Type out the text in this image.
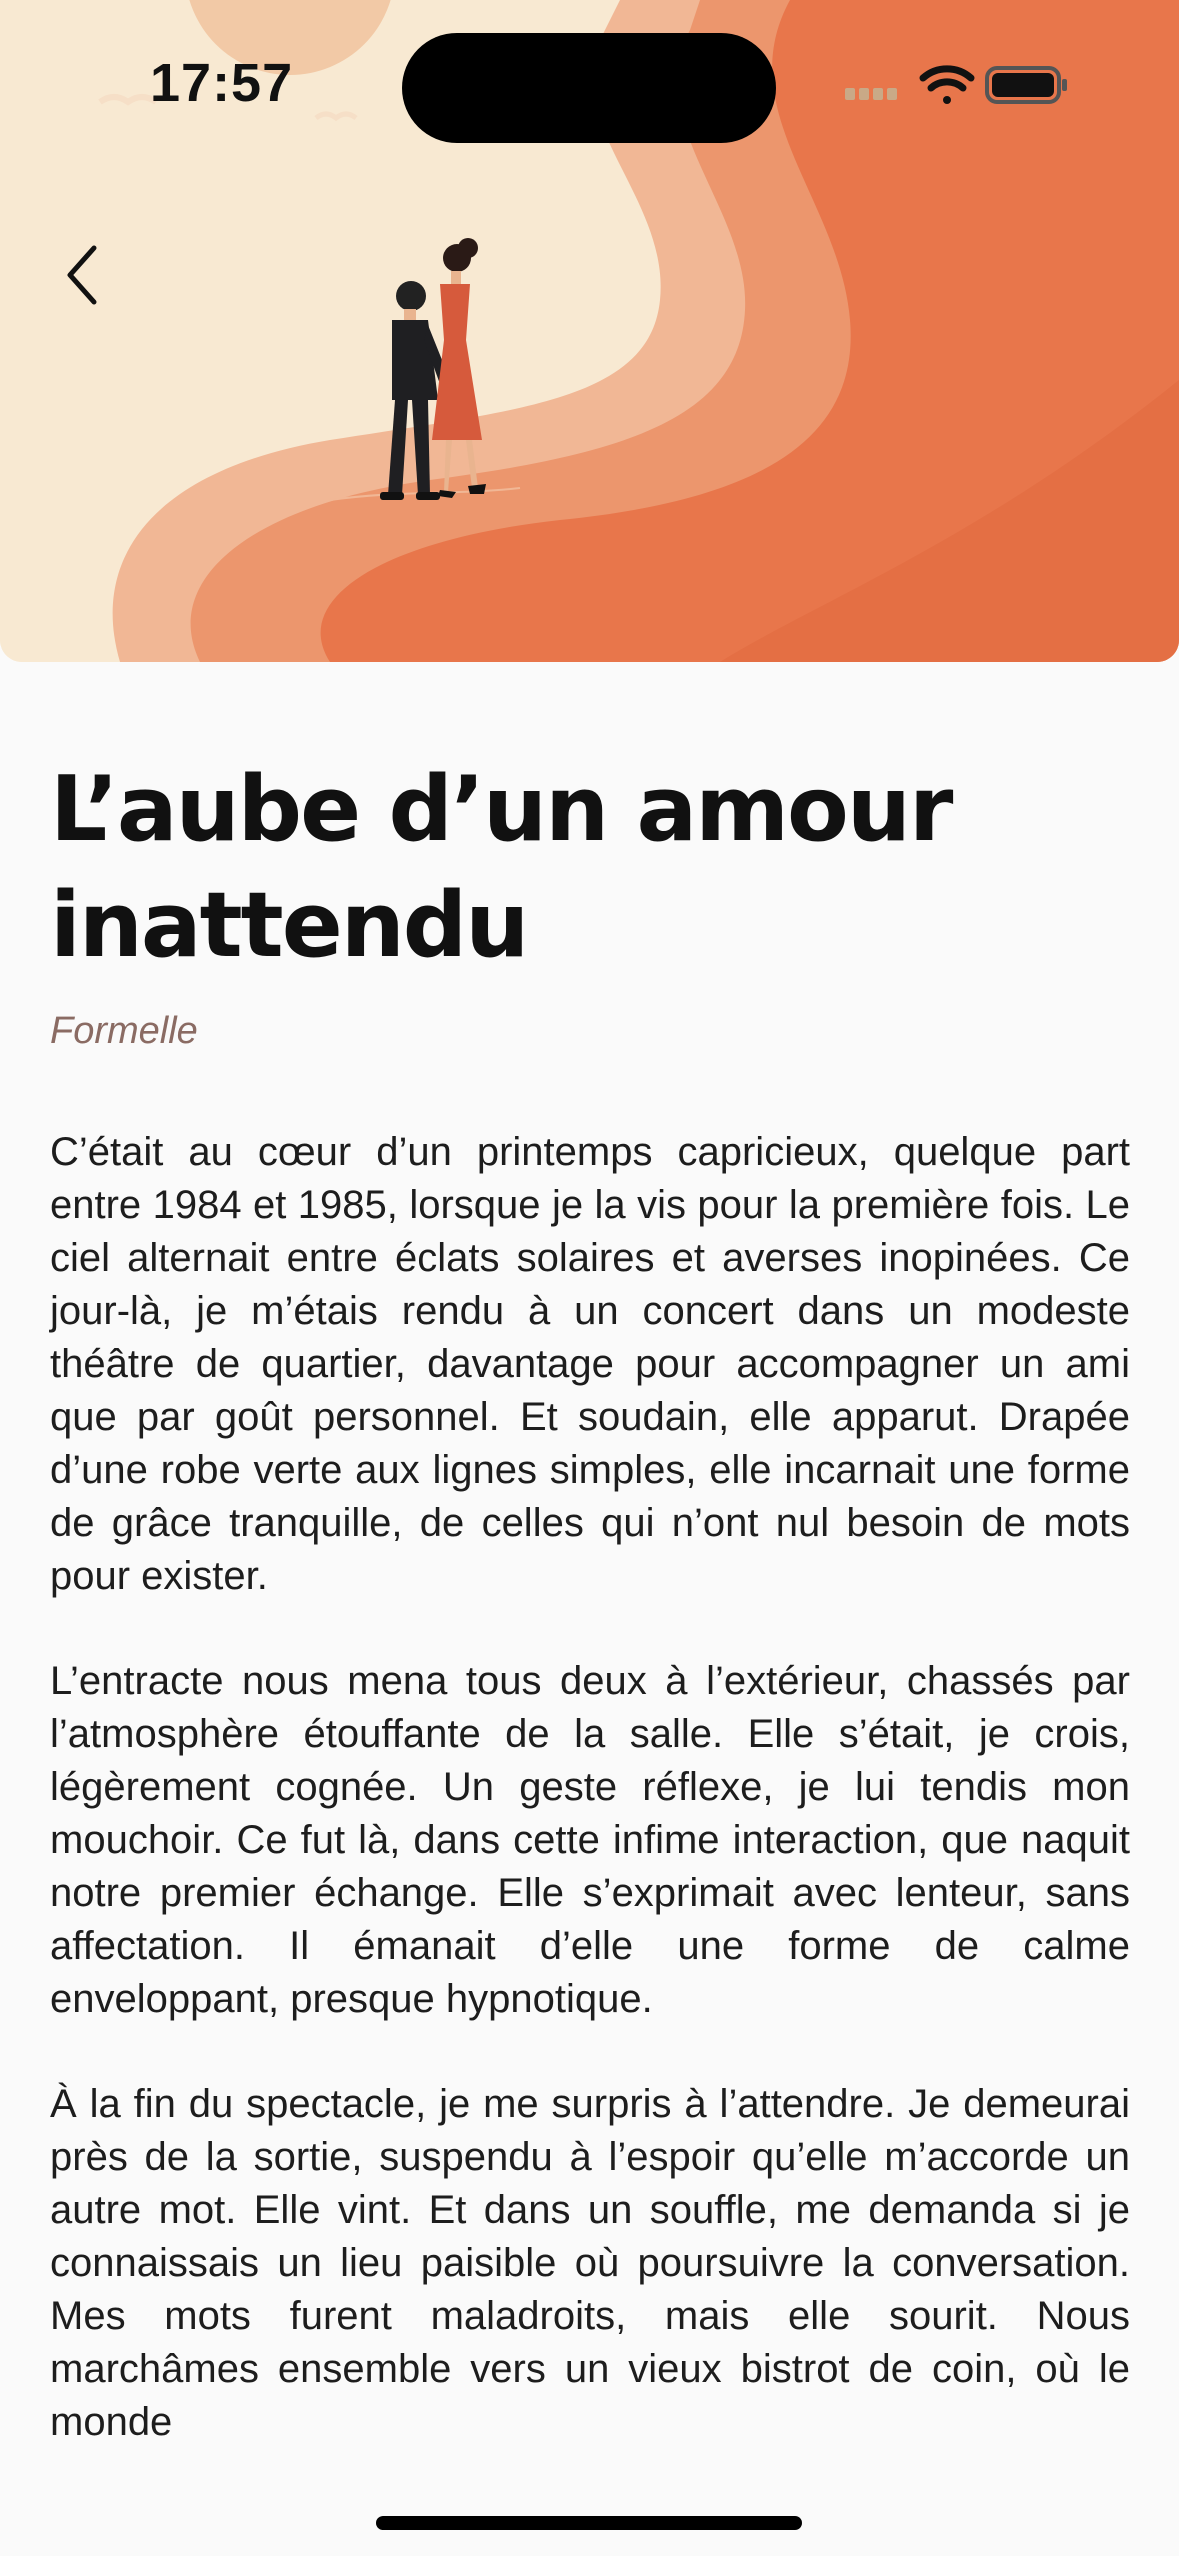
17:57
L’aube d’un amour inattendu
Formelle

C’était au cœur d’un printemps capricieux, quelque part entre 1984 et 1985, lorsque je la vis pour la première fois. Le ciel alternait entre éclats solaires et averses inopinées. Ce jour-là, je m’étais rendu à un concert dans un modeste théâtre de quartier, davantage pour accompagner un ami que par goût personnel. Et soudain, elle apparut. Drapée d’une robe verte aux lignes simples, elle incarnait une forme de grâce tranquille, de celles qui n’ont nul besoin de mots pour exister.

L’entracte nous mena tous deux à l’extérieur, chassés par l’atmosphère étouffante de la salle. Elle s’était, je crois, légèrement cognée. Un geste réflexe, je lui tendis mon mouchoir. Ce fut là, dans cette infime interaction, que naquit notre premier échange. Elle s’exprimait avec lenteur, sans affectation. Il émanait d’elle une forme de calme enveloppant, presque hypnotique.

À la fin du spectacle, je me surpris à l’attendre. Je demeurai près de la sortie, suspendu à l’espoir qu’elle m’accorde un autre mot. Elle vint. Et dans un souffle, me demanda si je connaissais un lieu paisible où poursuivre la conversation. Mes mots furent maladroits, mais elle sourit. Nous marchâmes ensemble vers un vieux bistrot de coin, où le monde
